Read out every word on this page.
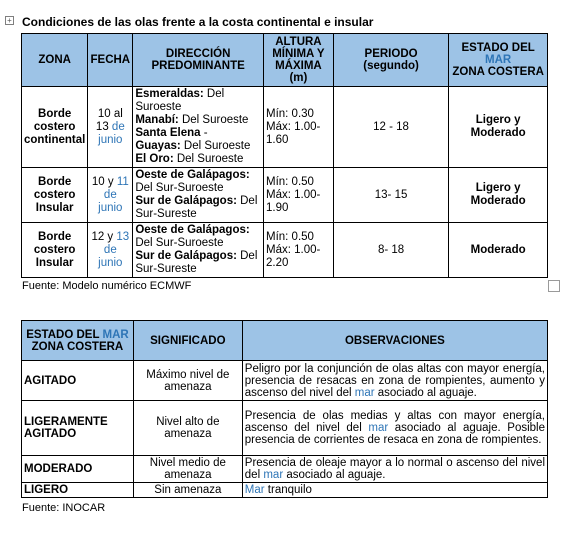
+ Condiciones de las olas frente a la costa continental e insular
ZONA	FECHA	DIRECCIÓN PREDOMINANTE	ALTURA MÍNIMA Y MÁXIMA (m)	PERIODO (segundo)	ESTADO DEL
MAR
ZONA COSTERA
Borde costero continental	10 al 13 de junio	Esmeraldas: Del Suroeste
Manabí: Del Suroeste
Santa Elena -
Guayas: Del Suroeste
El Oro: Del Suroeste	Mín: 0.30
Máx: 1.00-1.60	12 - 18	Ligero y Moderado
Borde costero Insular	10 y 11 de junio	Oeste de Galápagos: Del Sur-Suroeste
Sur de Galápagos: Del Sur-Sureste	Mín: 0.50
Máx: 1.00-1.90	13- 15	Ligero y Moderado
Borde costero Insular	12 y 13 de junio	Oeste de Galápagos: Del Sur-Suroeste
Sur de Galápagos: Del Sur-Sureste	Mín: 0.50
Máx: 1.00-2.20	8- 18	Moderado
Fuente: Modelo numérico ECMWF
ESTADO DEL MAR ZONA COSTERA	SIGNIFICADO	OBSERVACIONES
AGITADO	Máximo nivel de amenaza	Peligro por la conjunción de olas altas con mayor energía, presencia de resacas en zona de rompientes, aumento y ascenso del nivel del mar asociado al aguaje.
LIGERAMENTE AGITADO	Nivel alto de amenaza	Presencia de olas medias y altas con mayor energía, ascenso del nivel del mar asociado al aguaje. Posible presencia de corrientes de resaca en zona de rompientes.
MODERADO	Nivel medio de amenaza	Presencia de oleaje mayor a lo normal o ascenso del nivel del mar asociado al aguaje.
LIGERO	Sin amenaza	Mar tranquilo
Fuente: INOCAR
